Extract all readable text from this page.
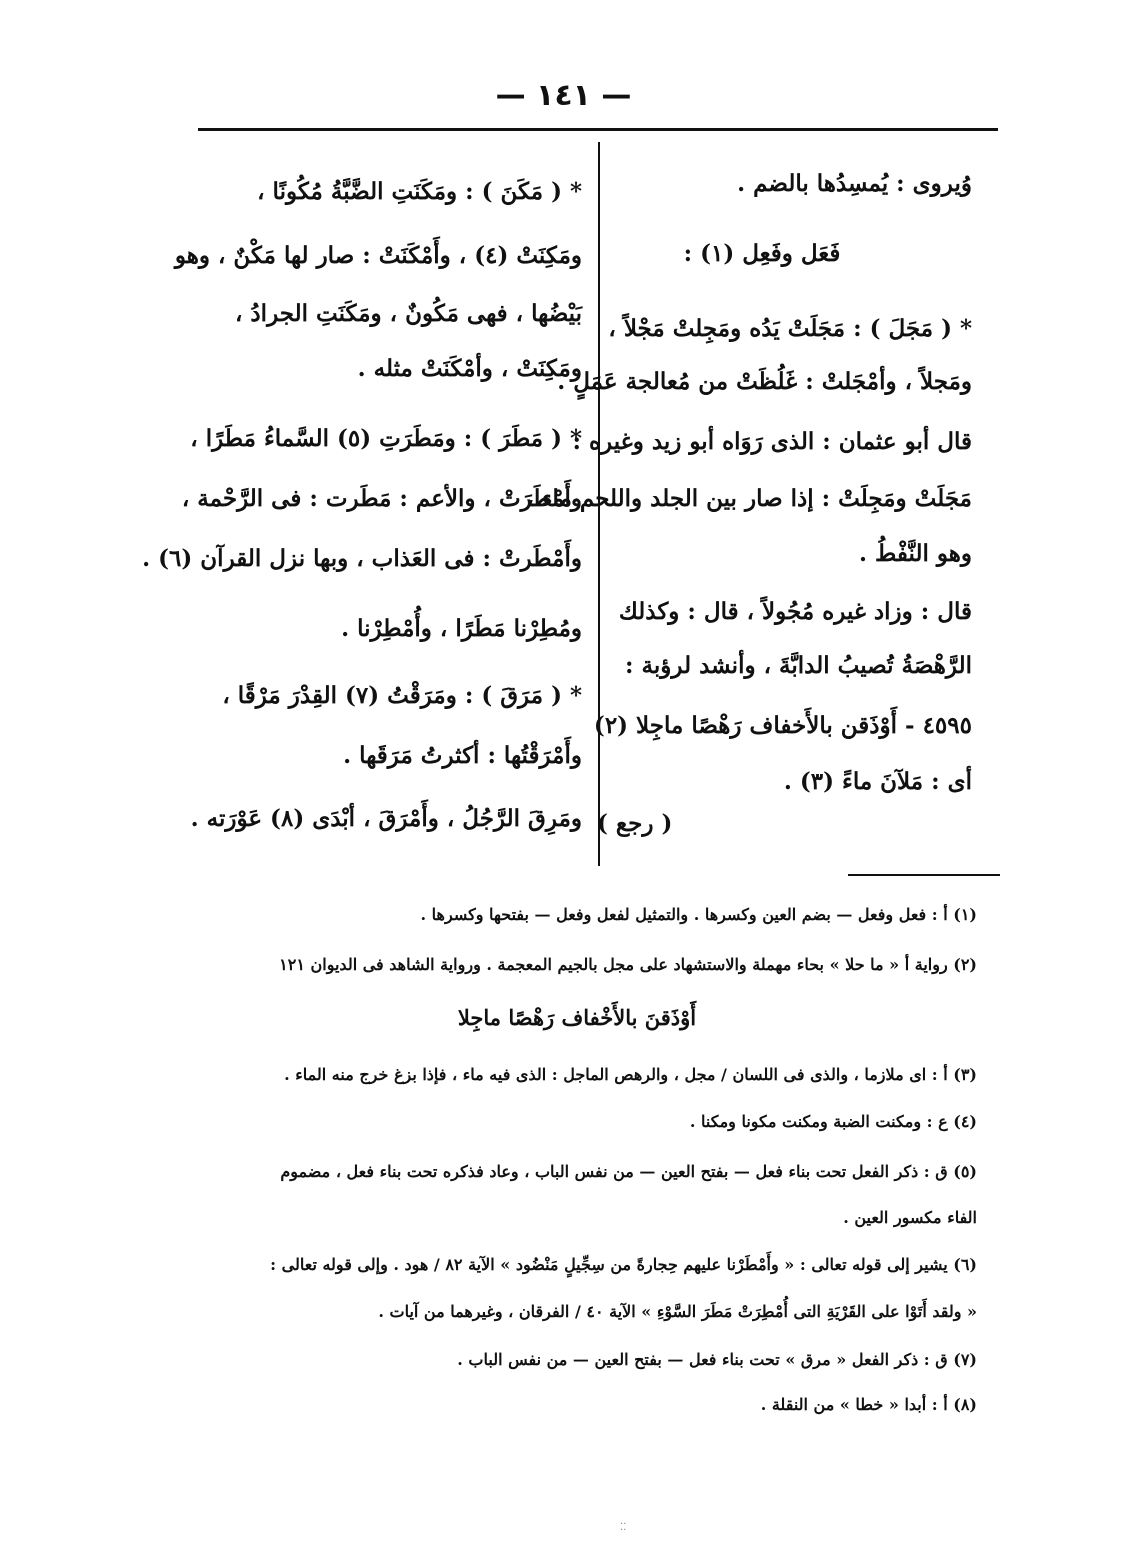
— ١٤١ —
وُيروى : يُمسِدُها بالضم .
فَعَل وفَعِل (١) :
* ( مَجَلَ ) : مَجَلَتْ يَدُه ومَجِلتْ مَجْلاً ،
ومَجلاً ، وأمْجَلتْ : غَلُظَتْ من مُعالجة عَمَلٍ .
قال أبو عثمان : الذى رَوَاه أبو زيد وغيره :
مَجَلَتْ ومَجِلَتْ : إذا صار بين الجلد واللحم ماء ،
وهو النَّفْطُ .
قال : وزاد غيره مُجُولاً ، قال : وكذلك
الرَّهْصَةُ تُصيبُ الدابَّةَ ، وأنشد لرؤبة :
٤٥٩٥ - أَوْذَقن بالأَخفاف رَهْصًا ماجِلا (٢)
أى : مَلآنَ ماءً (٣) .
( رجع )
* ( مَكَنَ ) : ومَكَنَتِ الضَّبَّةُ مُكُونًا ،
ومَكِنَتْ (٤) ، وأَمْكَنَتْ : صار لها مَكْنٌ ، وهو
بَيْضُها ، فهى مَكُونٌ ، ومَكَنَتِ الجرادُ ،
ومَكِنَتْ ، وأمْكَنَتْ مثله .
* ( مَطَرَ ) : ومَطَرَتِ (٥) السَّماءُ مَطَرًا ،
وأَمْطَرَتْ ، والأعم : مَطَرت : فى الرَّحْمة ،
وأَمْطَرتْ : فى العَذاب ، وبها نزل القرآن (٦) .
ومُطِرْنا مَطَرًا ، وأُمْطِرْنا .
* ( مَرَقَ ) : ومَرَقْتُ (٧) القِدْرَ مَرْقًا ،
وأَمْرَقْتُها : أكثرتُ مَرَقَها .
ومَرِقَ الرَّجُلُ ، وأَمْرَقَ ، أبْدَى (٨) عَوْرَته .
(١) أ : فعل وفعل — بضم العين وكسرها . والتمثيل لفعل وفعل — بفتحها وكسرها .
(٢) رواية أ « ما حلا » بحاء مهملة والاستشهاد على مجل بالجيم المعجمة . ورواية الشاهد فى الديوان ١٢١
أَوْذَقنَ بالأَخْفاف رَهْصًا ماجِلا
(٣) أ : اى ملازما ، والذى فى اللسان / مجل ، والرهص الماجل : الذى فيه ماء ، فإذا بزغ خرج منه الماء .
(٤) ع : ومكنت الضبة ومكنت مكونا ومكنا .
(٥) ق : ذكر الفعل تحت بناء فعل — بفتح العين — من نفس الباب ، وعاد فذكره تحت بناء فعل ، مضموم
الفاء مكسور العين .
(٦) يشير إلى قوله تعالى : « وأَمْطَرْنا عليهم حِجارةً من سِجِّيلٍ مَنْضُود » الآية ٨٢ / هود . وإلى قوله تعالى :
« ولقد أَتَوْا على القَرْيَةِ التى أُمْطِرَتْ مَطَرَ السَّوْءِ » الآية ٤٠ / الفرقان ، وغيرهما من آيات .
(٧) ق : ذكر الفعل « مرق » تحت بناء فعل — بفتح العين — من نفس الباب .
(٨) أ : أبدا « خطا » من النقلة .
⁚⁚
